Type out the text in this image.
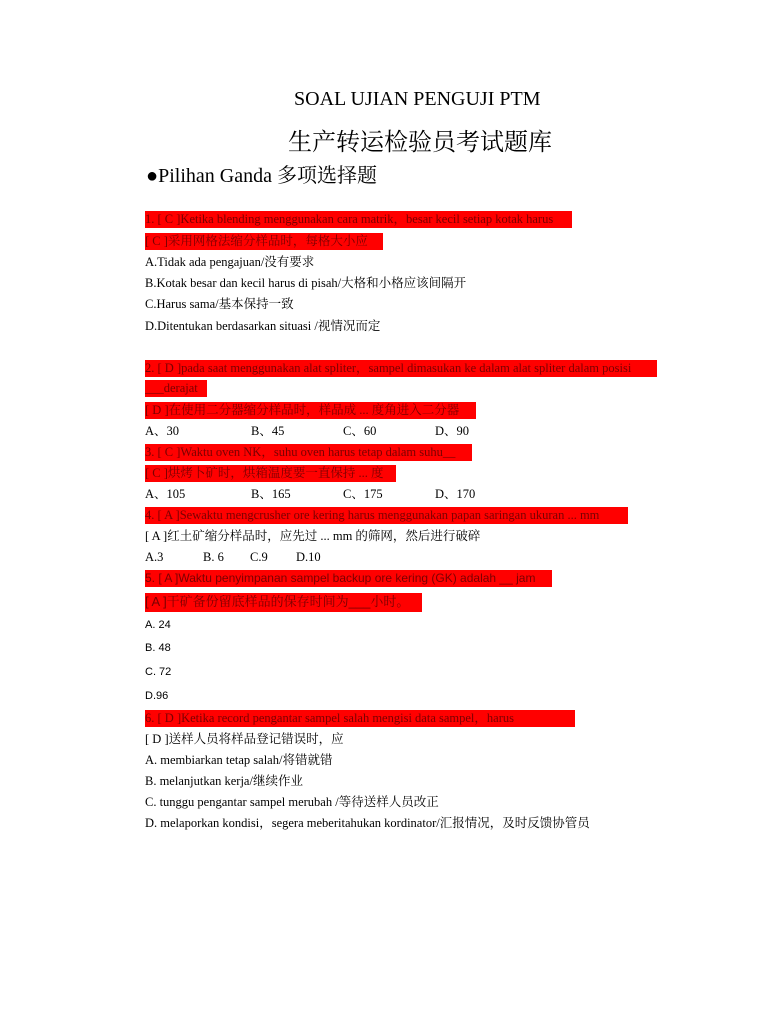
SOAL UJIAN PENGUJI PTM

生产转运检验员考试题库

●Pilihan Ganda 多项选择题

1. [ C ]Ketika blending menggunakan cara matrik，besar kecil setiap kotak harus
[ C ]采用网格法缩分样品时，每格大小应

A.Tidak ada pengajuan/没有要求

B.Kotak besar dan kecil harus di pisah/大格和小格应该间隔开

C.Harus sama/基本保持一致

D.Ditentukan berdasarkan situasi /视情况而定

2. [ D ]pada saat menggunakan alat spliter，sampel dimasukan ke dalam alat spliter dalam posisi
___derajat
[ D ]在使用二分器缩分样品时，样品成 ... 度角进入二分器
A、30	B、45	C、60	D、90
3. [ C ]Waktu oven NK，suhu oven harus tetap dalam suhu__
[ C ]烘烤卜矿时，烘箱温度要一直保持 ... 度
A、105	B、165	C、175	D、170
4. [ A ]Sewaktu mengcrusher ore kering harus menggunakan papan saringan ukuran ... mm

[ A ]红土矿缩分样品时，应先过 ... mm 的筛网，然后进行破碎

A.3	B. 6	C.9	D.10
5. [ A ]Waktu penyimpanan sampel backup ore kering (GK) adalah __ jam
[ A ]干矿备份留底样品的保存时间为___小时。

A. 24

B. 48

C. 72

D.96

6. [ D ]Ketika record pengantar sampel salah mengisi data sampel，harus

[ D ]送样人员将样品登记错误时，应

A. membiarkan tetap salah/将错就错

B. melanjutkan kerja/继续作业

C. tunggu pengantar sampel merubah /等待送样人员改正

D. melaporkan kondisi，segera meberitahukan kordinator/汇报情况，及时反馈协管员
